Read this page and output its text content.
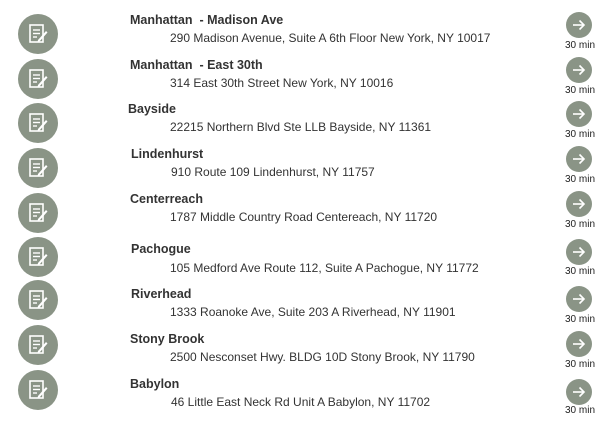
Manhattan  - Madison Ave
290 Madison Avenue, Suite A 6th Floor New York, NY 10017
30 min
Manhattan  - East 30th
314 East 30th Street New York, NY 10016
30 min
Bayside
22215 Northern Blvd Ste LLB Bayside, NY 11361
30 min
Lindenhurst
910 Route 109 Lindenhurst, NY 11757
30 min
Centerreach
1787 Middle Country Road Centereach, NY 11720
30 min
Pachogue
105 Medford Ave Route 112, Suite A Pachogue, NY 11772	30 min
Riverhead
1333 Roanoke Ave, Suite 203 A Riverhead, NY 11901
30 min
Stony Brook
2500 Nesconset Hwy. BLDG 10D Stony Brook, NY 11790
30 min
Babylon
46 Little East Neck Rd Unit A Babylon, NY 11702
30 min
